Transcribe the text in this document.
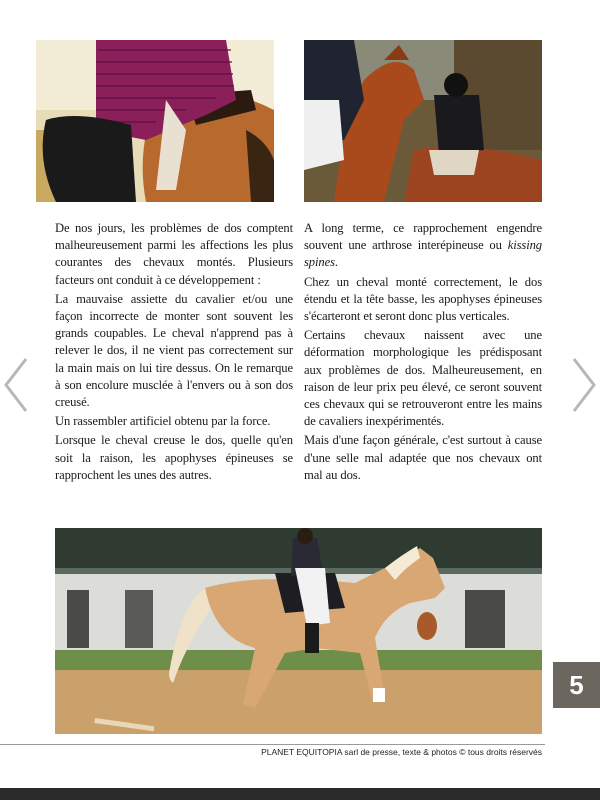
De nos jours, les problèmes de dos comptent malheureusement parmi les affections les plus courantes des chevaux montés. Plusieurs facteurs ont conduit à ce développement :

La mauvaise assiette du cavalier et/ou une façon incorrecte de monter sont souvent les grands coupables. Le cheval n'apprend pas à relever le dos, il ne vient pas correctement sur la main mais on lui tire dessus. On le remarque à son encolure musclée à l'envers ou à son dos creusé.

Un rassembler artificiel obtenu par la force.

Lorsque le cheval creuse le dos, quelle qu'en soit la raison, les apophyses épineuses se rapprochent les unes des autres.

A long terme, ce rapprochement engendre souvent une arthrose interépineuse ou kissing spines.

Chez un cheval monté correctement, le dos étendu et la tête basse, les apophyses épineuses s'écarteront et seront donc plus verticales.

Certains chevaux naissent avec une déformation morphologique les prédisposant aux problèmes de dos. Malheureusement, en raison de leur prix peu élevé, ce seront souvent ces chevaux qui se retrouveront entre les mains de cavaliers inexpérimentés.

Mais d'une façon générale, c'est surtout à cause d'une selle mal adaptée que nos chevaux ont mal au dos.

5
PLANET EQUITOPIA sarl de presse, texte & photos © tous droits réservés
